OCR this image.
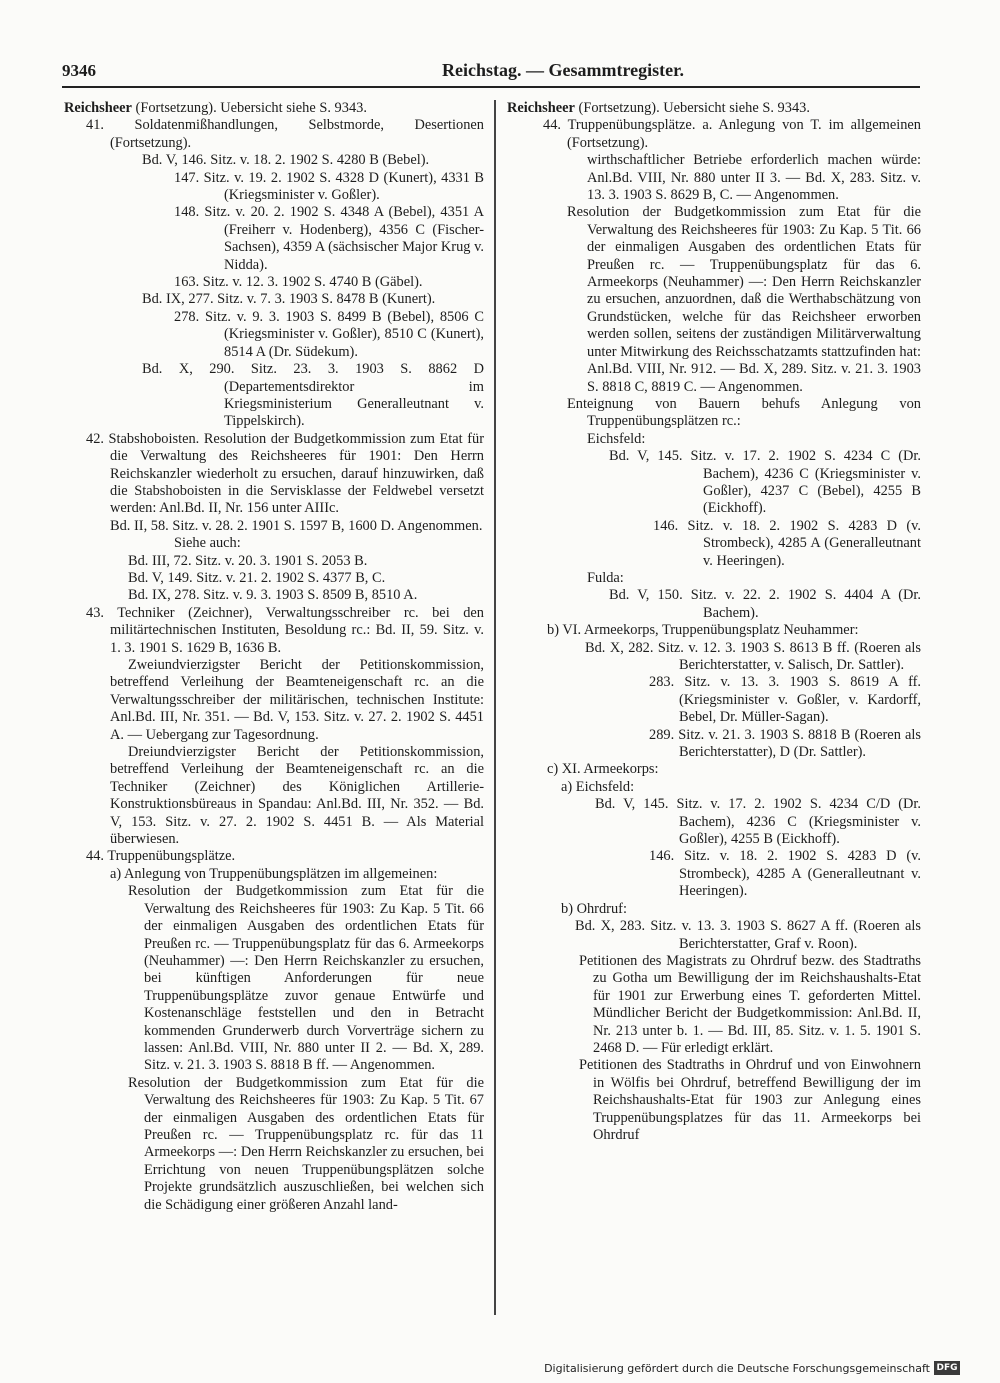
9346	Reichstag. — Gesammtregister.

Reichsheer (Fortsetzung). Uebersicht siehe S. 9343.

41. Soldatenmißhandlungen, Selbstmorde, Desertionen (Fortsetzung).

Bd. V, 146. Sitz. v. 18. 2. 1902 S. 4280 B (Bebel).

147. Sitz. v. 19. 2. 1902 S. 4328 D (Kunert), 4331 B (Kriegsminister v. Goßler).

148. Sitz. v. 20. 2. 1902 S. 4348 A (Bebel), 4351 A (Freiherr v. Hodenberg), 4356 C (Fischer-Sachsen), 4359 A (sächsischer Major Krug v. Nidda).

163. Sitz. v. 12. 3. 1902 S. 4740 B (Gäbel).

Bd. IX, 277. Sitz. v. 7. 3. 1903 S. 8478 B (Kunert).

278. Sitz. v. 9. 3. 1903 S. 8499 B (Bebel), 8506 C (Kriegsminister v. Goßler), 8510 C (Kunert), 8514 A (Dr. Südekum).

Bd. X, 290. Sitz. 23. 3. 1903 S. 8862 D (Departementsdirektor im Kriegsministerium Generalleutnant v. Tippelskirch).

42. Stabshoboisten. Resolution der Budgetkommission zum Etat für die Verwaltung des Reichsheeres für 1901: Den Herrn Reichskanzler wiederholt zu ersuchen, darauf hinzuwirken, daß die Stabshoboisten in die Servisklasse der Feldwebel versetzt werden: Anl.Bd. II, Nr. 156 unter AIIIc.

Bd. II, 58. Sitz. v. 28. 2. 1901 S. 1597 B, 1600 D. Angenommen.

Siehe auch:

Bd. III, 72. Sitz. v. 20. 3. 1901 S. 2053 B.

Bd. V, 149. Sitz. v. 21. 2. 1902 S. 4377 B, C.

Bd. IX, 278. Sitz. v. 9. 3. 1903 S. 8509 B, 8510 A.

43. Techniker (Zeichner), Verwaltungsschreiber rc. bei den militärtechnischen Instituten, Besoldung rc.: Bd. II, 59. Sitz. v. 1. 3. 1901 S. 1629 B, 1636 B.

Zweiundvierzigster Bericht der Petitionskommission, betreffend Verleihung der Beamteneigenschaft rc. an die Verwaltungsschreiber der militärischen, technischen Institute: Anl.Bd. III, Nr. 351. — Bd. V, 153. Sitz. v. 27. 2. 1902 S. 4451 A. — Uebergang zur Tagesordnung.

Dreiundvierzigster Bericht der Petitionskommission, betreffend Verleihung der Beamteneigenschaft rc. an die Techniker (Zeichner) des Königlichen Artillerie-Konstruktionsbüreaus in Spandau: Anl.Bd. III, Nr. 352. — Bd. V, 153. Sitz. v. 27. 2. 1902 S. 4451 B. — Als Material überwiesen.

44. Truppenübungsplätze.

a) Anlegung von Truppenübungsplätzen im allgemeinen:

Resolution der Budgetkommission zum Etat für die Verwaltung des Reichsheeres für 1903: Zu Kap. 5 Tit. 66 der einmaligen Ausgaben des ordentlichen Etats für Preußen rc. — Truppenübungsplatz für das 6. Armeekorps (Neuhammer) —: Den Herrn Reichskanzler zu ersuchen, bei künftigen Anforderungen für neue Truppenübungsplätze zuvor genaue Entwürfe und Kostenanschläge feststellen und den in Betracht kommenden Grunderwerb durch Vorverträge sichern zu lassen: Anl.Bd. VIII, Nr. 880 unter II 2. — Bd. X, 289. Sitz. v. 21. 3. 1903 S. 8818 B ff. — Angenommen.

Resolution der Budgetkommission zum Etat für die Verwaltung des Reichsheeres für 1903: Zu Kap. 5 Tit. 67 der einmaligen Ausgaben des ordentlichen Etats für Preußen rc. — Truppenübungsplatz rc. für das 11 Armeekorps —: Den Herrn Reichskanzler zu ersuchen, bei Errichtung von neuen Truppenübungsplätzen solche Projekte grundsätzlich auszuschließen, bei welchen sich die Schädigung einer größeren Anzahl land-

Reichsheer (Fortsetzung). Uebersicht siehe S. 9343.

44. Truppenübungsplätze. a. Anlegung von T. im allgemeinen (Fortsetzung).

wirthschaftlicher Betriebe erforderlich machen würde: Anl.Bd. VIII, Nr. 880 unter II 3. — Bd. X, 283. Sitz. v. 13. 3. 1903 S. 8629 B, C. — Angenommen.

Resolution der Budgetkommission zum Etat für die Verwaltung des Reichsheeres für 1903: Zu Kap. 5 Tit. 66 der einmaligen Ausgaben des ordentlichen Etats für Preußen rc. — Truppenübungsplatz für das 6. Armeekorps (Neuhammer) —: Den Herrn Reichskanzler zu ersuchen, anzuordnen, daß die Werthabschätzung von Grundstücken, welche für das Reichsheer erworben werden sollen, seitens der zuständigen Militärverwaltung unter Mitwirkung des Reichsschatzamts stattzufinden hat: Anl.Bd. VIII, Nr. 912. — Bd. X, 289. Sitz. v. 21. 3. 1903 S. 8818 C, 8819 C. — Angenommen.

Enteignung von Bauern behufs Anlegung von Truppenübungsplätzen rc.:

Eichsfeld:

Bd. V, 145. Sitz. v. 17. 2. 1902 S. 4234 C (Dr. Bachem), 4236 C (Kriegsminister v. Goßler), 4237 C (Bebel), 4255 B (Eickhoff).

146. Sitz. v. 18. 2. 1902 S. 4283 D (v. Strombeck), 4285 A (Generalleutnant v. Heeringen).

Fulda:

Bd. V, 150. Sitz. v. 22. 2. 1902 S. 4404 A (Dr. Bachem).

b) VI. Armeekorps, Truppenübungsplatz Neuhammer:

Bd. X, 282. Sitz. v. 12. 3. 1903 S. 8613 B ff. (Roeren als Berichterstatter, v. Salisch, Dr. Sattler).

283. Sitz. v. 13. 3. 1903 S. 8619 A ff. (Kriegsminister v. Goßler, v. Kardorff, Bebel, Dr. Müller-Sagan).

289. Sitz. v. 21. 3. 1903 S. 8818 B (Roeren als Berichterstatter), D (Dr. Sattler).

c) XI. Armeekorps:

a) Eichsfeld:

Bd. V, 145. Sitz. v. 17. 2. 1902 S. 4234 C/D (Dr. Bachem), 4236 C (Kriegsminister v. Goßler), 4255 B (Eickhoff).

146. Sitz. v. 18. 2. 1902 S. 4283 D (v. Strombeck), 4285 A (Generalleutnant v. Heeringen).

b) Ohrdruf:

Bd. X, 283. Sitz. v. 13. 3. 1903 S. 8627 A ff. (Roeren als Berichterstatter, Graf v. Roon).

Petitionen des Magistrats zu Ohrdruf bezw. des Stadtraths zu Gotha um Bewilligung der im Reichshaushalts-Etat für 1901 zur Erwerbung eines T. geforderten Mittel. Mündlicher Bericht der Budgetkommission: Anl.Bd. II, Nr. 213 unter b. 1. — Bd. III, 85. Sitz. v. 1. 5. 1901 S. 2468 D. — Für erledigt erklärt.

Petitionen des Stadtraths in Ohrdruf und von Einwohnern in Wölfis bei Ohrdruf, betreffend Bewilligung der im Reichshaushalts-Etat für 1903 zur Anlegung eines Truppenübungsplatzes für das 11. Armeekorps bei Ohrdruf

Digitalisierung gefördert durch die Deutsche Forschungsgemeinschaft DFG
